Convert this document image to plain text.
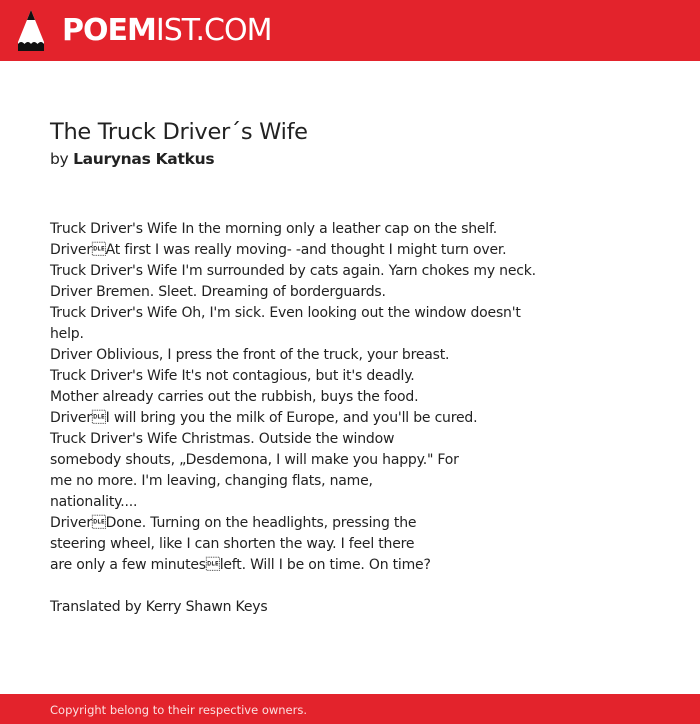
POEMIST.COM
The Truck Driver´s Wife
by Laurynas Katkus
Truck Driver's Wife In the morning only a leather cap on the shelf.
DriverAt first I was really moving- -and thought I might turn over.
Truck Driver's Wife I'm surrounded by cats again. Yarn chokes my neck.
Driver Bremen. Sleet. Dreaming of borderguards.
Truck Driver's Wife Oh, I'm sick. Even looking out the window doesn't
help.
Driver Oblivious, I press the front of the truck, your breast.
Truck Driver's Wife It's not contagious, but it's deadly.
Mother already carries out the rubbish, buys the food.
DriverI will bring you the milk of Europe, and you'll be cured.
Truck Driver's Wife Christmas. Outside the window
somebody shouts, „Desdemona, I will make you happy." For
me no more. I'm leaving, changing flats, name,
nationality....
DriverDone. Turning on the headlights, pressing the
steering wheel, like I can shorten the way. I feel there
are only a few minutesleft. Will I be on time. On time?
Translated by Kerry Shawn Keys
Copyright belong to their respective owners.
